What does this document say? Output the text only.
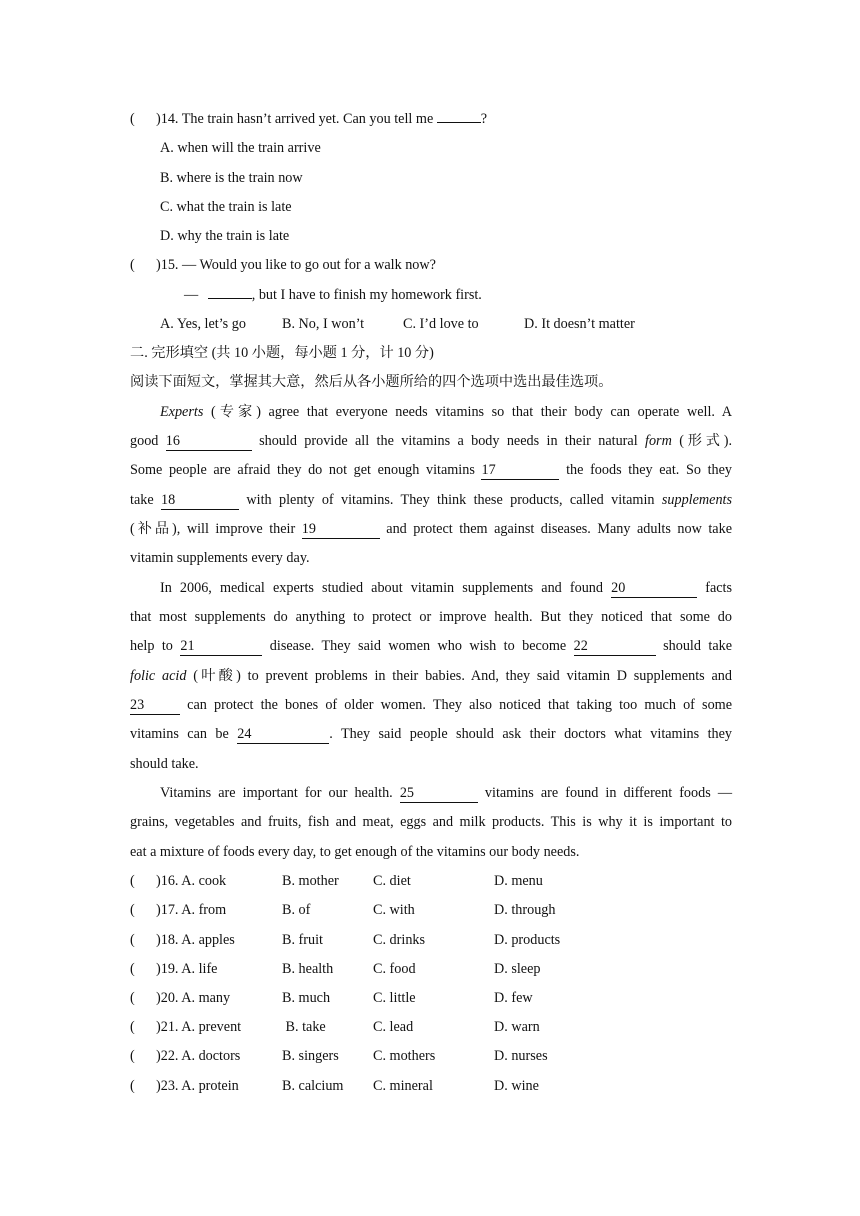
(      )14. The train hasn’t arrived yet. Can you tell me	?
A. when will the train arrive
B. where is the train now
C. what the train is late
D. why the train is late
(      )15. — Would you like to go out for a walk now?
—	, but I have to finish my homework first.
A. Yes, let’s go	B. No, I won’t	C. I’d love to	D. It doesn’t matter
二. 完形填空 (共 10 小题，每小题 1 分，计 10 分)
阅读下面短文，掌握其大意，然后从各小题所给的四个选项中选出最佳选项。
Experts (专家) agree that everyone needs vitamins so that their body can operate well. A
good 16	should provide all the vitamins a body needs in their natural form (形式).
Some people are afraid they do not get enough vitamins 17	the foods they eat. So they
take 18	with plenty of vitamins. They think these products, called vitamin supplements
(补品), will improve their 19	and protect them against diseases. Many adults now take
vitamin supplements every day.
In 2006, medical experts studied about vitamin supplements and found 20	facts
that most supplements do anything to protect or improve health. But they noticed that some do
help to 21	disease. They said women who wish to become 22	should take
folic acid (叶酸) to prevent problems in their babies. And, they said vitamin D supplements and
23	can protect the bones of older women. They also noticed that taking too much of some
vitamins can be 24	. They said people should ask their doctors what vitamins they
should take.
Vitamins are important for our health. 25	vitamins are found in different foods —
grains, vegetables and fruits, fish and meat, eggs and milk products. This is why it is important to
eat a mixture of foods every day, to get enough of the vitamins our body needs.
(      )16. A. cook	B. mother C. diet	D. menu
(      )17. A. from	B. of	C. with	D. through
(      )18. A. apples	B. fruit	C. drinks	D. products
(      )19. A. life	B. health	C. food	D. sleep
(      )20. A. many	B. much	C. little	D. few
(      )21. A. prevent	B. take	C. lead	D. warn
(      )22. A. doctors	B. singers C. mothers	D. nurses
(      )23. A. protein	B. calcium C. mineral	D. wine
